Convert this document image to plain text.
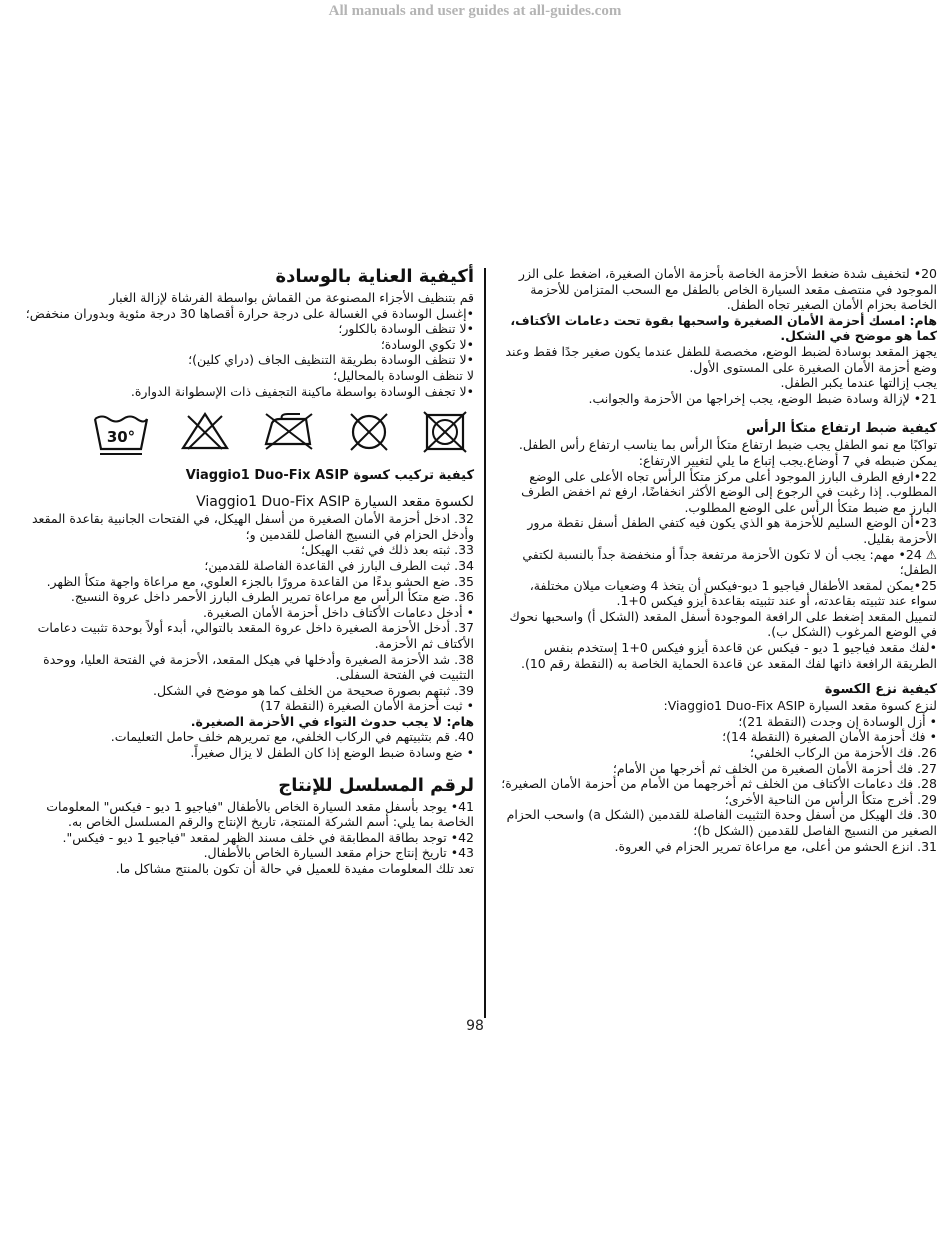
All manuals and user guides at all-guides.com

20• لتخفيف شدة ضغط الأحزمة الخاصة بأحزمة الأمان الصغيرة، اضغط على الزر الموجود في منتصف مقعد السيارة الخاص بالطفل مع السحب المتزامن للأحزمة الخاصة بحزام الأمان الصغير تجاه الطفل.

هام: امسك أحزمة الأمان الصغيرة واسحبها بقوة تحت دعامات الأكتاف، كما هو موضح في الشكل.

يجهز المقعد بوسادة لضبط الوضع، مخصصة للطفل عندما يكون صغير جدًا فقط وعند وضع أحزمة الأمان الصغيرة على المستوى الأول.

يجب إزالتها عندما يكبر الطفل.

21• لإزالة وسادة ضبط الوضع، يجب إخراجها من الأحزمة والجوانب.

كيفية ضبط ارتفاع متكأ الرأس

تواكبًا مع نمو الطفل يجب ضبط ارتفاع متكأ الرأس بما يناسب ارتفاع رأس الطفل. يمكن ضبطه في 7 أوضاع.يجب إتباع ما يلي لتغيير الارتفاع:

22•ارفع الطرف البارز الموجود أعلى مركز متكأ الرأس تجاه الأعلى على الوضع المطلوب. إذا رغبت في الرجوع إلى الوضع الأكثر انخفاضًا، ارفع ثم اخفض الطرف البارز مع ضبط متكأ الرأس على الوضع المطلوب.

23•أن الوضع السليم للأحزمة هو الذي يكون فيه كتفي الطفل أسفل نقطة مرور الأحزمة بقليل.

⚠ 24• مهم: يجب أن لا تكون الأحزمة مرتفعة جداً أو منخفضة جداً بالنسبة لكتفي الطفل؛

25•يمكن لمقعد الأطفال فياجيو 1 ديو-فيكس أن يتخذ 4 وضعيات ميلان مختلفة، سواء عند تثبيته بقاعدته، أو عند تثبيته بقاعدة أيزو فيكس 0+1.

لتمييل المقعد إضغط على الرافعة الموجودة أسفل المقعد (الشكل أ) واسحبها نحوك في الوضع المرغوب (الشكل ب).

•لفك مقعد فياجيو 1 ديو - فيكس عن قاعدة أيزو فيكس 0+1 إستخدم بنفس الطريقة الرافعة ذاتها لفك المقعد عن قاعدة الحماية الخاصة به (النقطة رقم 10).

كيفية نزع الكسوة

لنزع كسوة مقعد السيارة Viaggio1 Duo-Fix ASIP:

• أزل الوسادة إن وجدت (النقطة 21)؛

• فك أحزمة الأمان الصغيرة (النقطة 14)؛

26. فك الأحزمة من الركاب الخلفي؛

27. فك أحزمة الأمان الصغيرة من الخلف ثم أخرجها من الأمام؛

28. فك دعامات الأكتاف من الخلف ثم أخرجهما من الأمام من أحزمة الأمان الصغيرة؛

29. أخرج متكأ الرأس من الناحية الأخرى؛

30. فك الهيكل من أسفل وحدة التثبيت الفاصلة للقدمين (الشكل a) واسحب الحزام الصغير من النسيج الفاصل للقدمين (الشكل b)؛

31. انزع الحشو من أعلى، مع مراعاة تمرير الحزام في العروة.

أكيفية العناية بالوسادة

قم بتنظيف الأجزاء المصنوعة من القماش بواسطة الفرشاة لإزالة الغبار

•إغسل الوسادة في الغسالة على درجة حرارة أقصاها 30 درجة مئوية وبدوران منخفض؛

•لا تنظف الوسادة بالكلور؛

•لا تكوي الوسادة؛

•لا تنظف الوسادة بطريقة التنظيف الجاف (دراي كلين)؛

لا تنظف الوسادة بالمحاليل؛

•لا تجفف الوسادة بواسطة ماكينة التجفيف ذات الإسطوانة الدوارة.

30°

كيفية تركيب كسوة Viaggio1 Duo-Fix ASIP

لكسوة مقعد السيارة Viaggio1 Duo-Fix ASIP

32. ادخل أحزمة الأمان الصغيرة من أسفل الهيكل، في الفتحات الجانبية بقاعدة المقعد وأدخل الحزام في النسيج الفاصل للقدمين و؛

33. ثبته بعد ذلك في ثقب الهيكل؛

34. ثبت الطرف البارز في القاعدة الفاصلة للقدمين؛

35. ضع الحشو بدءًا من القاعدة مرورًا بالجزء العلوي، مع مراعاة واجهة متكأ الظهر.

36. ضع متكأ الرأس مع مراعاة تمرير الطرف البارز الأحمر داخل عروة النسيج.

• أدخل دعامات الأكتاف داخل أحزمة الأمان الصغيرة.

37. أدخل الأحزمة الصغيرة داخل عروة المقعد بالتوالي، أبدء أولاً بوحدة تثبيت دعامات الأكتاف ثم الأحزمة.

38. شد الأحزمة الصغيرة وأدخلها في هيكل المقعد، الأحزمة في الفتحة العليا، ووحدة التثبيت في الفتحة السفلى.

39. ثبتهم بصورة صحيحة من الخلف كما هو موضح في الشكل.

• ثبت أحزمة الأمان الصغيرة (النقطة 17)

هام: لا يجب حدوث التواء في الأحزمة الصغيرة.

40. قم بتثبيتهم في الركاب الخلفي، مع تمريرهم خلف حامل التعليمات.

• ضع وسادة ضبط الوضع إذا كان الطفل لا يزال صغيراً.

لرقم المسلسل للإنتاج

41• يوجد بأسفل مقعد السيارة الخاص بالأطفال "فياجيو 1 ديو - فيكس" المعلومات الخاصة بما يلي: أسم الشركة المنتجة، تاريخ الإنتاج والرقم المسلسل الخاص به.

42• توجد بطاقة المطابقة في خلف مسند الظهر لمقعد "فياجيو 1 ديو - فيكس".

43• تاريخ إنتاج حزام مقعد السيارة الخاص بالأطفال.

تعد تلك المعلومات مفيدة للعميل في حالة أن تكون بالمنتج مشاكل ما.

98
